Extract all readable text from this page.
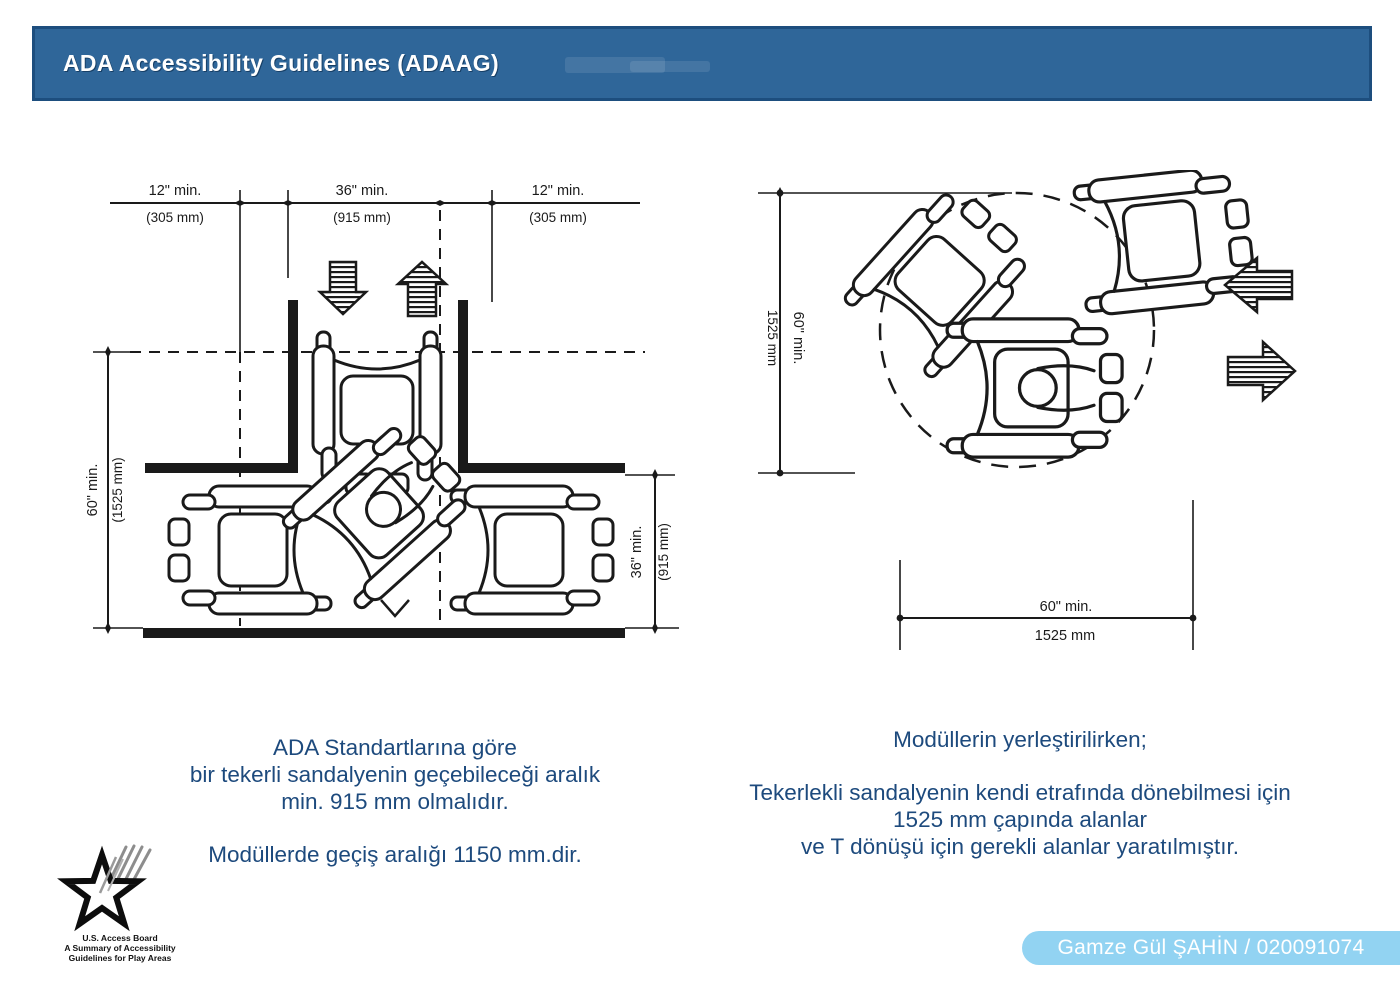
ADA Accessibility Guidelines (ADAAG)
12" min.
(305 mm)
36" min.
(915 mm)
12" min.
(305 mm)
60" min. (1525 mm)
36" min. (915 mm)
60" min.
1525 mm
60" min.
1525 mm
ADA Standartlarına göre
bir tekerli sandalyenin geçebileceği aralık
min. 915 mm olmalıdır.
Modüllerde geçiş aralığı 1150 mm.dir.
Modüllerin yerleştirilirken;
Tekerlekli sandalyenin kendi etrafında dönebilmesi için
1525 mm çapında alanlar
ve T dönüşü için gerekli alanlar yaratılmıştır.
U.S. Access Board
A Summary of Accessibility
Guidelines for Play Areas	Gamze Gül ŞAHİN / 020091074
